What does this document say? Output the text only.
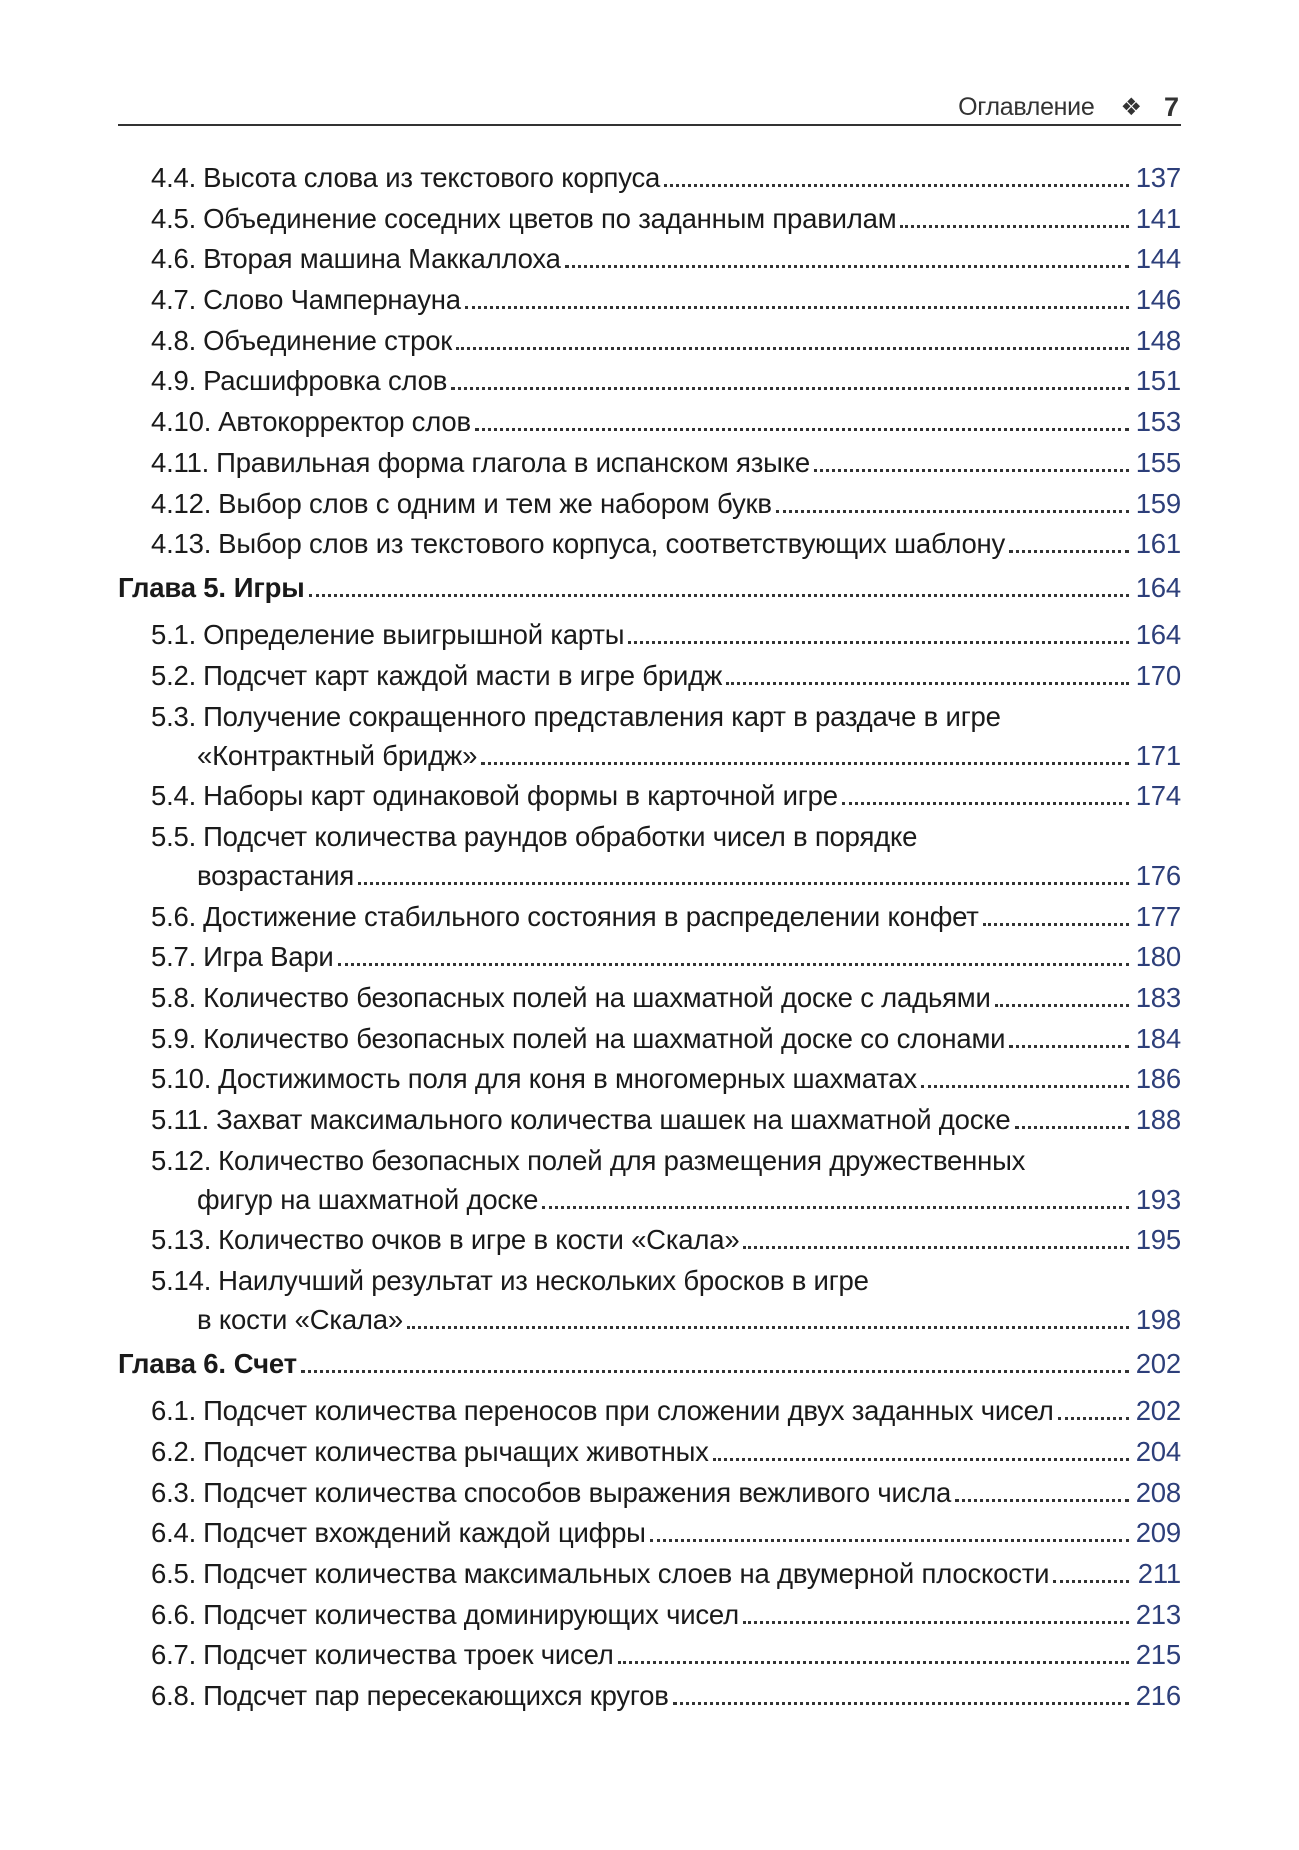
Оглавление ❖ 7
4.4. Высота слова из текстового корпуса	137
4.5. Объединение соседних цветов по заданным правилам	141
4.6. Вторая машина Маккаллоха	144
4.7. Слово Чампернауна	146
4.8. Объединение строк	148
4.9. Расшифровка слов	151
4.10. Автокорректор слов	153
4.11. Правильная форма глагола в испанском языке	155
4.12. Выбор слов с одним и тем же набором букв	159
4.13. Выбор слов из текстового корпуса, соответствующих шаблону	161
Глава 5. Игры	164
5.1. Определение выигрышной карты	164
5.2. Подсчет карт каждой масти в игре бридж	170
5.3. Получение сокращенного представления карт в раздаче в игре
«Контрактный бридж»	171
5.4. Наборы карт одинаковой формы в карточной игре	174
5.5. Подсчет количества раундов обработки чисел в порядке
возрастания	176
5.6. Достижение стабильного состояния в распределении конфет	177
5.7. Игра Вари	180
5.8. Количество безопасных полей на шахматной доске с ладьями	183
5.9. Количество безопасных полей на шахматной доске со слонами	184
5.10. Достижимость поля для коня в многомерных шахматах	186
5.11. Захват максимального количества шашек на шахматной доске	188
5.12. Количество безопасных полей для размещения дружественных
фигур на шахматной доске	193
5.13. Количество очков в игре в кости «Скала»	195
5.14. Наилучший результат из нескольких бросков в игре
в кости «Скала»	198
Глава 6. Счет	202
6.1. Подсчет количества переносов при сложении двух заданных чисел	202
6.2. Подсчет количества рычащих животных	204
6.3. Подсчет количества способов выражения вежливого числа	208
6.4. Подсчет вхождений каждой цифры	209
6.5. Подсчет количества максимальных слоев на двумерной плоскости	211
6.6. Подсчет количества доминирующих чисел	213
6.7. Подсчет количества троек чисел	215
6.8. Подсчет пар пересекающихся кругов	216
